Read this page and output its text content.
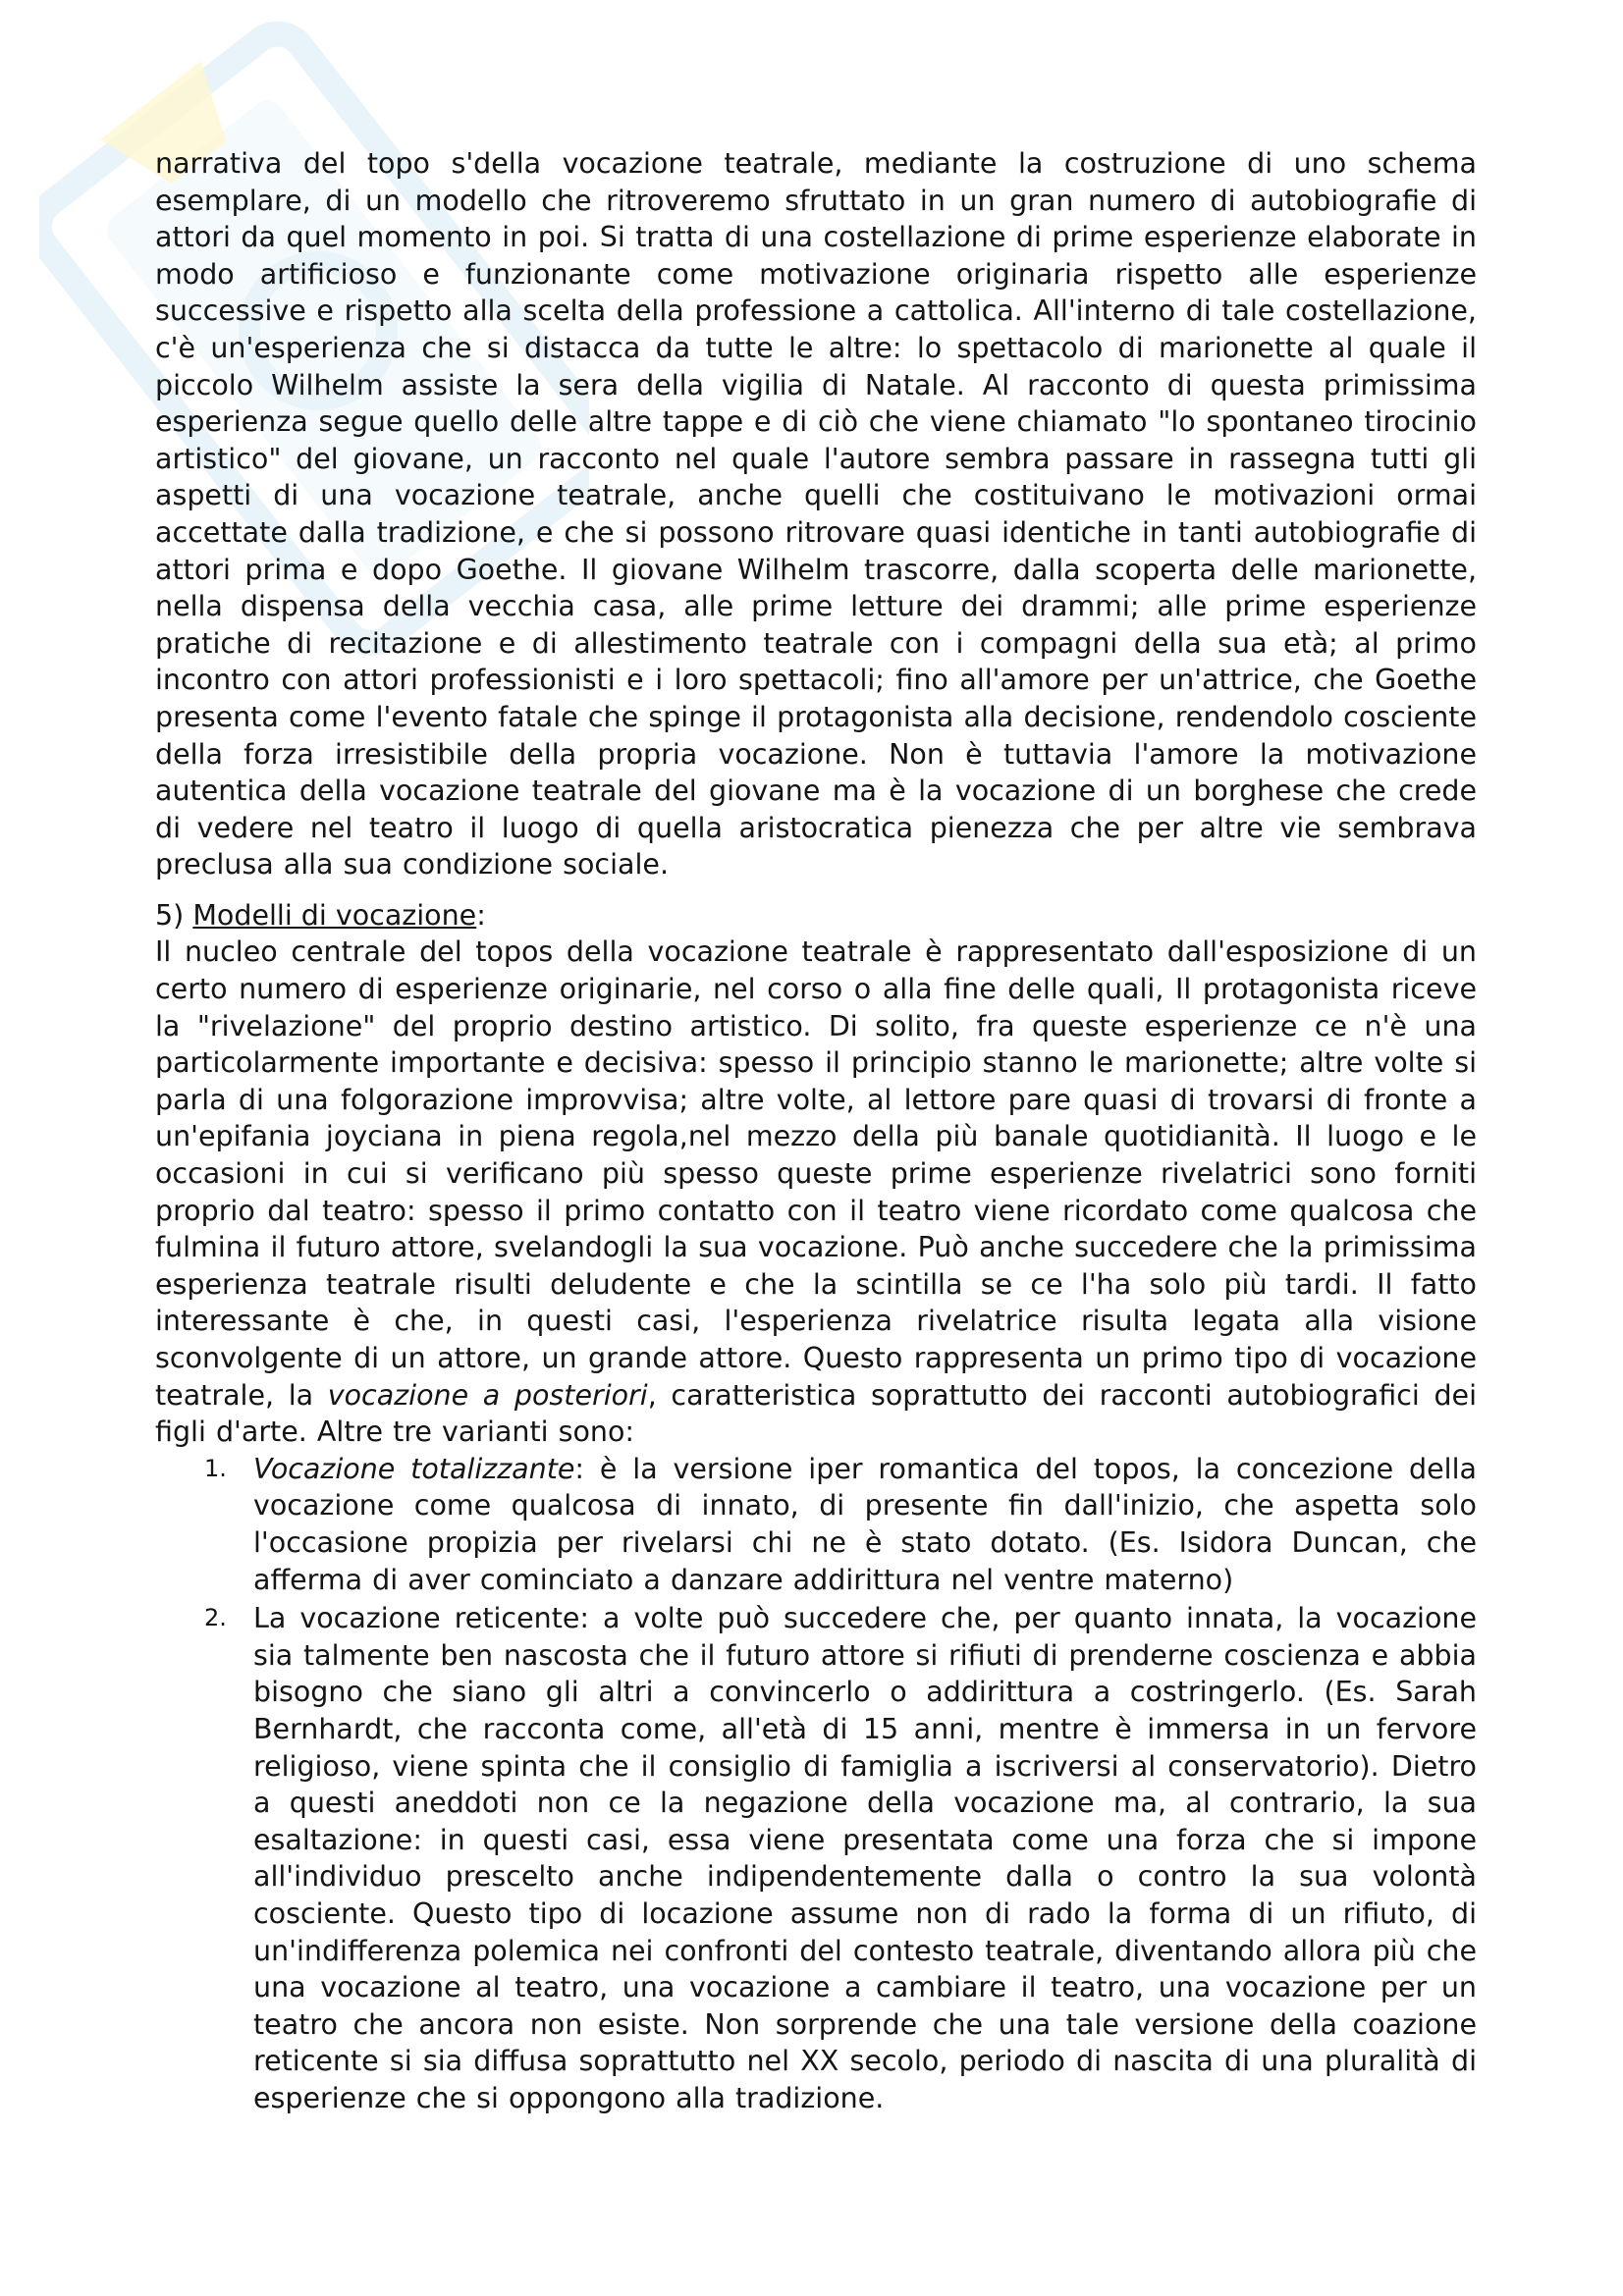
narrativa del topo s'della vocazione teatrale, mediante la costruzione di uno schema esemplare, di un modello che ritroveremo sfruttato in un gran numero di autobiografie di attori da quel momento in poi. Si tratta di una costellazione di prime esperienze elaborate in modo artificioso e funzionante come motivazione originaria rispetto alle esperienze successive e rispetto alla scelta della professione a cattolica. All'interno di tale costellazione, c'è un'esperienza che si distacca da tutte le altre: lo spettacolo di marionette al quale il piccolo Wilhelm assiste la sera della vigilia di Natale. Al racconto di questa primissima esperienza segue quello delle altre tappe e di ciò che viene chiamato "lo spontaneo tirocinio artistico" del giovane, un racconto nel quale l'autore sembra passare in rassegna tutti gli aspetti di una vocazione teatrale, anche quelli che costituivano le motivazioni ormai accettate dalla tradizione, e che si possono ritrovare quasi identiche in tanti autobiografie di attori prima e dopo Goethe. Il giovane Wilhelm trascorre, dalla scoperta delle marionette, nella dispensa della vecchia casa, alle prime letture dei drammi; alle prime esperienze pratiche di recitazione e di allestimento teatrale con i compagni della sua età; al primo incontro con attori professionisti e i loro spettacoli; fino all'amore per un'attrice, che Goethe presenta come l'evento fatale che spinge il protagonista alla decisione, rendendolo cosciente della forza irresistibile della propria vocazione. Non è tuttavia l'amore la motivazione autentica della vocazione teatrale del giovane ma è la vocazione di un borghese che crede di vedere nel teatro il luogo di quella aristocratica pienezza che per altre vie sembrava preclusa alla sua condizione sociale.

5) Modelli di vocazione:

Il nucleo centrale del topos della vocazione teatrale è rappresentato dall'esposizione di un certo numero di esperienze originarie, nel corso o alla fine delle quali, Il protagonista riceve la "rivelazione" del proprio destino artistico. Di solito, fra queste esperienze ce n'è una particolarmente importante e decisiva: spesso il principio stanno le marionette; altre volte si parla di una folgorazione improvvisa; altre volte, al lettore pare quasi di trovarsi di fronte a un'epifania joyciana in piena regola,nel mezzo della più banale quotidianità. Il luogo e le occasioni in cui si verificano più spesso queste prime esperienze rivelatrici sono forniti proprio dal teatro: spesso il primo contatto con il teatro viene ricordato come qualcosa che fulmina il futuro attore, svelandogli la sua vocazione. Può anche succedere che la primissima esperienza teatrale risulti deludente e che la scintilla se ce l'ha solo più tardi. Il fatto interessante è che, in questi casi, l'esperienza rivelatrice risulta legata alla visione sconvolgente di un attore, un grande attore. Questo rappresenta un primo tipo di vocazione teatrale, la vocazione a posteriori, caratteristica soprattutto dei racconti autobiografici dei figli d'arte. Altre tre varianti sono:

1. Vocazione totalizzante: è la versione iper romantica del topos, la concezione della vocazione come qualcosa di innato, di presente fin dall'inizio, che aspetta solo l'occasione propizia per rivelarsi chi ne è stato dotato. (Es. Isidora Duncan, che afferma di aver cominciato a danzare addirittura nel ventre materno)
2. La vocazione reticente: a volte può succedere che, per quanto innata, la vocazione sia talmente ben nascosta che il futuro attore si rifiuti di prenderne coscienza e abbia bisogno che siano gli altri a convincerlo o addirittura a costringerlo. (Es. Sarah Bernhardt, che racconta come, all'età di 15 anni, mentre è immersa in un fervore religioso, viene spinta che il consiglio di famiglia a iscriversi al conservatorio). Dietro a questi aneddoti non ce la negazione della vocazione ma, al contrario, la sua esaltazione: in questi casi, essa viene presentata come una forza che si impone all'individuo prescelto anche indipendentemente dalla o contro la sua volontà cosciente. Questo tipo di locazione assume non di rado la forma di un rifiuto, di un'indifferenza polemica nei confronti del contesto teatrale, diventando allora più che una vocazione al teatro, una vocazione a cambiare il teatro, una vocazione per un teatro che ancora non esiste. Non sorprende che una tale versione della coazione reticente si sia diffusa soprattutto nel XX secolo, periodo di nascita di una pluralità di esperienze che si oppongono alla tradizione.
